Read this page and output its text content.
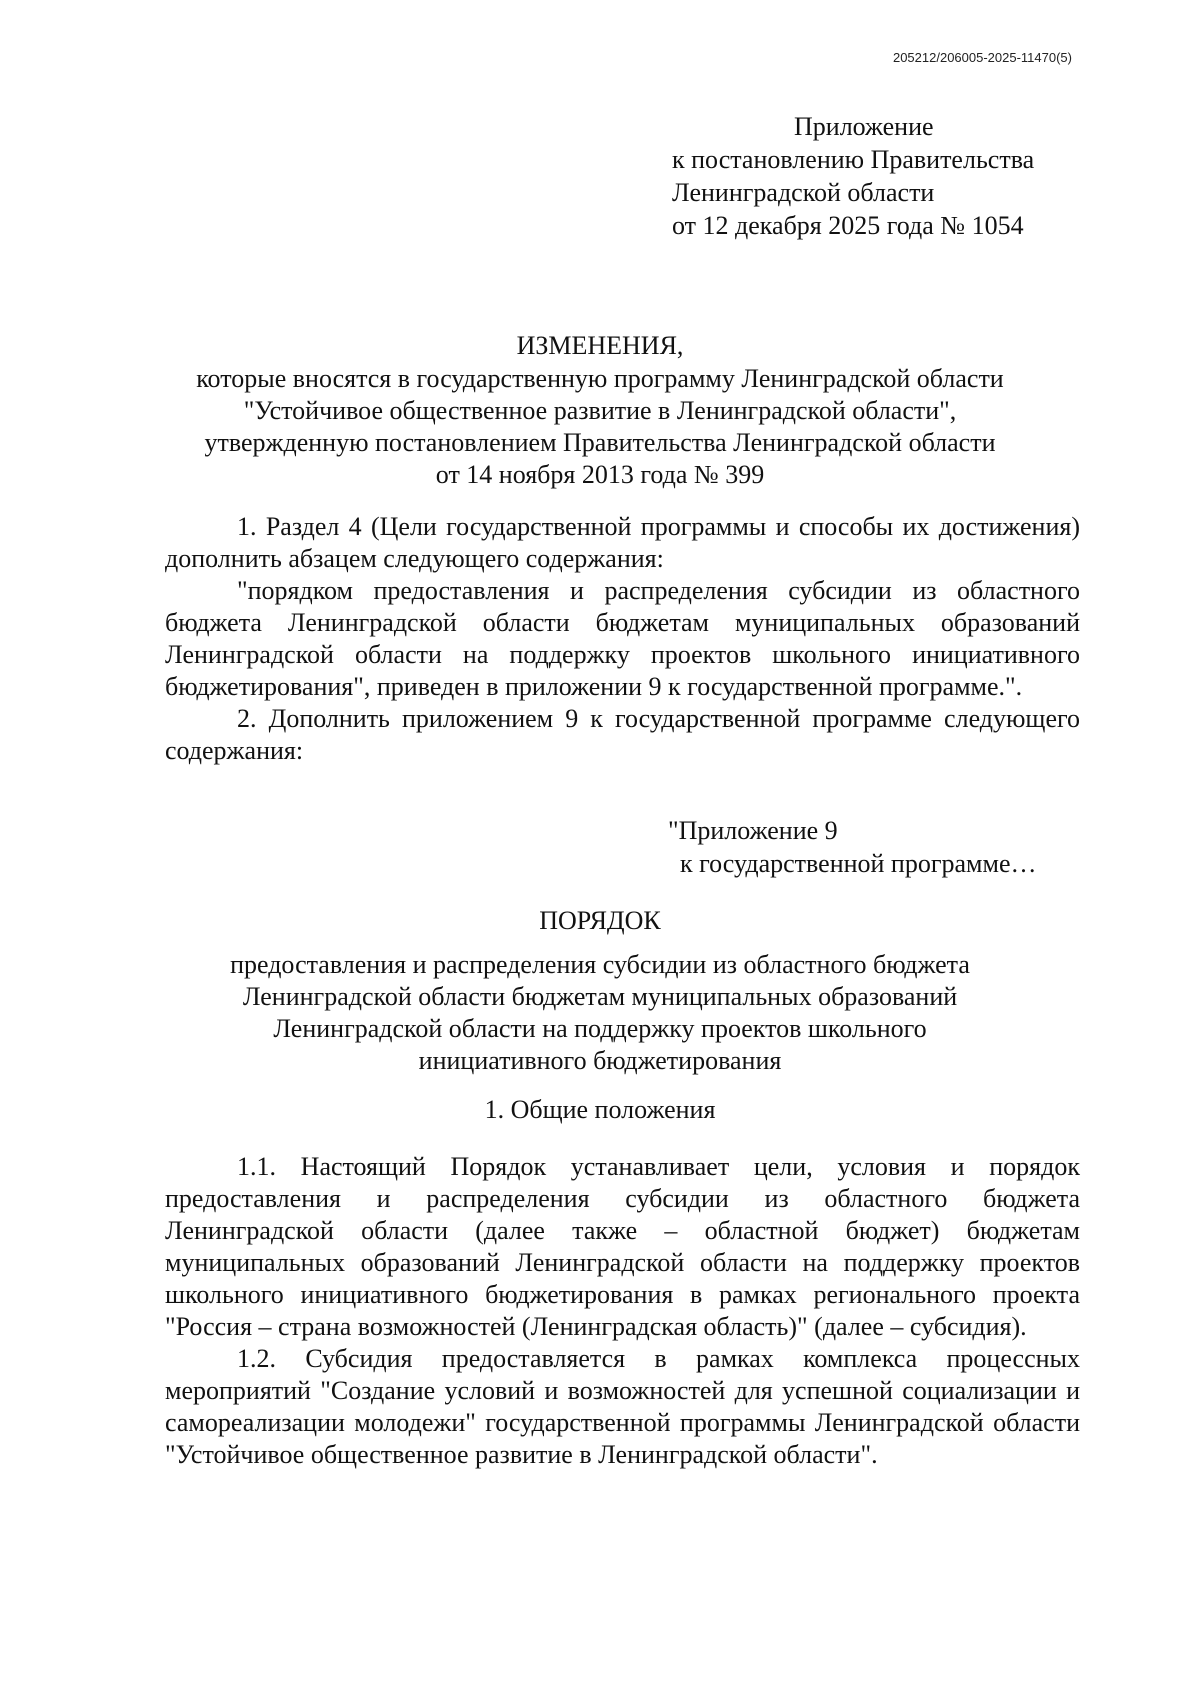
205212/206005-2025-11470(5)
Приложение
к постановлению Правительства
Ленинградской области
от 12 декабря 2025 года № 1054
ИЗМЕНЕНИЯ,
которые вносятся в государственную программу Ленинградской области
"Устойчивое общественное развитие в Ленинградской области",
утвержденную постановлением Правительства Ленинградской области
от 14 ноября 2013 года № 399

1. Раздел 4 (Цели государственной программы и способы их достижения) дополнить абзацем следующего содержания:

"порядком предоставления и распределения субсидии из областного бюджета Ленинградской области бюджетам муниципальных образований Ленинградской области на поддержку проектов школьного инициативного бюджетирования", приведен в приложении 9 к государственной программе.".

2. Дополнить приложением 9 к государственной программе следующего содержания:

"Приложение 9
к государственной программе…
ПОРЯДОК
предоставления и распределения субсидии из областного бюджета
Ленинградской области бюджетам муниципальных образований
Ленинградской области на поддержку проектов школьного
инициативного бюджетирования
1. Общие положения

1.1. Настоящий Порядок устанавливает цели, условия и порядок предоставления и распределения субсидии из областного бюджета Ленинградской области (далее также – областной бюджет) бюджетам муниципальных образований Ленинградской области на поддержку проектов школьного инициативного бюджетирования в рамках регионального проекта "Россия – страна возможностей (Ленинградская область)" (далее – субсидия).

1.2. Субсидия предоставляется в рамках комплекса процессных мероприятий "Создание условий и возможностей для успешной социализации и самореализации молодежи" государственной программы Ленинградской области "Устойчивое общественное развитие в Ленинградской области".
